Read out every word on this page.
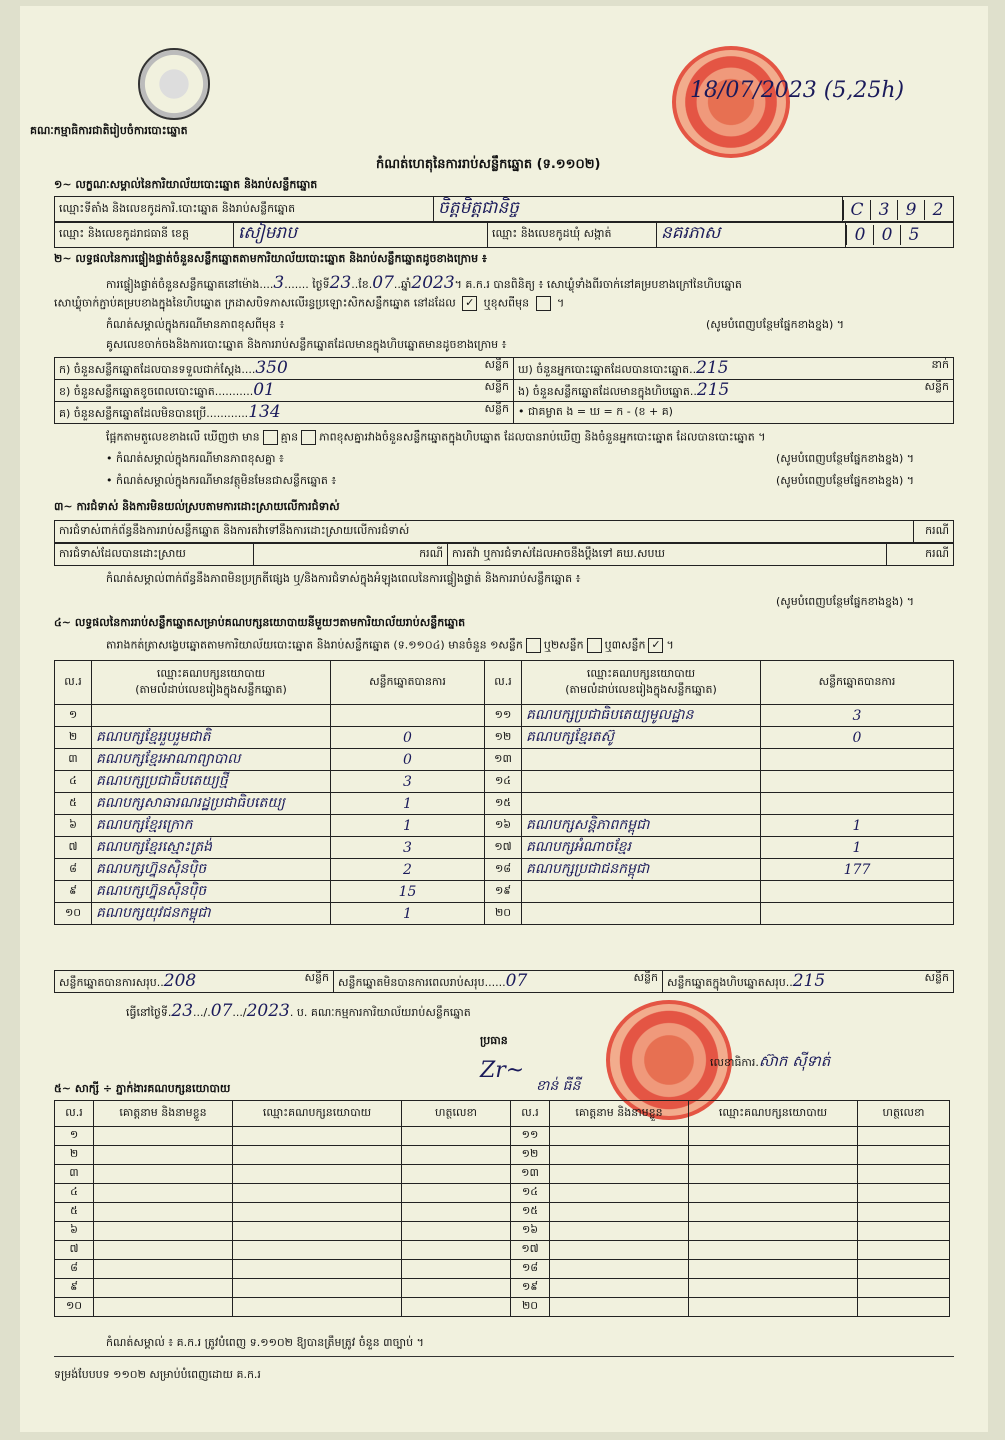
គណៈកម្មាធិការជាតិរៀបចំការបោះឆ្នោត
18/07/2023 (5,25h)
កំណត់ហេតុនៃការរាប់សន្លឹកឆ្នោត (ទ.១១០២)
១~ លក្ខណៈសម្គាល់នៃការិយាល័យបោះឆ្នោត និងរាប់សន្លឹកឆ្នោត
ឈ្មោះទីតាំង និងលេខកូដការិ.បោះឆ្នោត និងរាប់សន្លឹកឆ្នោត	ចិត្តមិត្តជានិច្ច	C 3 9 2
ឈ្មោះ និងលេខកូដរាជធានី ខេត្ត	សៀមរាប	ឈ្មោះ និងលេខកូដឃុំ សង្កាត់	នគរភាស	0 0 5
២~ លទ្ធផលនៃការផ្ទៀងផ្ទាត់ចំនួនសន្លឹកឆ្នោតតាមការិយាល័យបោះឆ្នោត និងរាប់សន្លឹកឆ្នោតដូចខាងក្រោម ៖
ការផ្ទៀងផ្ទាត់ចំនួនសន្លឹកឆ្នោតនៅម៉ោង....3....... ថ្ងៃទី23..ខែ.07..ឆ្នាំ2023។ គ.ក.រ បានពិនិត្យ ៖ សោឃ្លុំទាំងពីរចាក់នៅគម្របខាងក្រៅនៃហិបឆ្នោត
សោឃ្លុំចាក់ភ្ជាប់គម្របខាងក្នុងនៃហិបឆ្នោត ក្រដាសបិទភាសលើរន្ធប្រឡោះសិកសន្លឹកឆ្នោត នៅដដែល ✓ ឬខុសពីមុន  ។
កំណត់សម្គាល់ក្នុងករណីមានភាពខុសពីមុន ៖	(សូមបំពេញបន្ថែមផ្នែកខាងខ្នង) ។
គូសលេខចាក់ចងនិងការបោះឆ្នោត និងការរាប់សន្លឹកឆ្នោតដែលមានក្នុងហិបឆ្នោតមានដូចខាងក្រោម ៖
ក) ចំនួនសន្លឹកឆ្នោតដែលបានទទួលជាក់ស្តែង....350 សន្លឹក	ឃ) ចំនួនអ្នកបោះឆ្នោតដែលបានបោះឆ្នោត..215 នាក់

ខ) ចំនួនសន្លឹកឆ្នោតខូចពេលបោះឆ្នោត...........01 សន្លឹក	ង) ចំនួនសន្លឹកឆ្នោតដែលមានក្នុងហិបឆ្នោត..215 សន្លឹក

គ) ចំនួនសន្លឹកឆ្នោតដែលមិនបានប្រើ............134 សន្លឹក	• ជាគម្លាត ង = ឃ = ក - (ខ + គ)
ផ្អែកតាមតួលេខខាងលើ ឃើញថា មាន គ្មាន ភាពខុសគ្នារវាងចំនួនសន្លឹកឆ្នោតក្នុងហិបឆ្នោត ដែលបានរាប់ឃើញ និងចំនួនអ្នកបោះឆ្នោត ដែលបានបោះឆ្នោត ។
• កំណត់សម្គាល់ក្នុងករណីមានភាពខុសគ្នា ៖	(សូមបំពេញបន្ថែមផ្នែកខាងខ្នង) ។
• កំណត់សម្គាល់ក្នុងករណីមានវត្ថុមិនមែនជាសន្លឹកឆ្នោត ៖	(សូមបំពេញបន្ថែមផ្នែកខាងខ្នង) ។
៣~ ការជំទាស់ និងការមិនយល់ស្របតាមការដោះស្រាយលើការជំទាស់
ការជំទាស់ពាក់ព័ន្ធនឹងការរាប់សន្លឹកឆ្នោត និងការតវ៉ាទៅនឹងការដោះស្រាយលើការជំទាស់	ករណី
ការជំទាស់ដែលបានដោះស្រាយ	ករណី	ការតវ៉ា ឬការជំទាស់ដែលអាចនឹងប្តឹងទៅ គឃ.សបឃ	ករណី
កំណត់សម្គាល់ពាក់ព័ន្ធនឹងភាពមិនប្រក្រតីផ្សេង ឬ/និងការជំទាស់ក្នុងអំឡុងពេលនៃការផ្ទៀងផ្ទាត់ និងការរាប់សន្លឹកឆ្នោត ៖
(សូមបំពេញបន្ថែមផ្នែកខាងខ្នង) ។
៤~ លទ្ធផលនៃការរាប់សន្លឹកឆ្នោតសម្រាប់គណបក្សនយោបាយនីមួយៗតាមការិយាល័យរាប់សន្លឹកឆ្នោត
តារាងកត់ត្រាសង្ខេបឆ្នោតតាមការិយាល័យបោះឆ្នោត និងរាប់សន្លឹកឆ្នោត (ទ.១១០៤) មានចំនួន ១សន្លឹក ឬ២សន្លឹក ឬ៣សន្លឹក ✓ ។
ល.រ	ឈ្មោះគណបក្សនយោបាយ
(តាមលំដាប់លេខរៀងក្នុងសន្លឹកឆ្នោត)	សន្លឹកឆ្នោតបានការ	ល.រ	ឈ្មោះគណបក្សនយោបាយ
(តាមលំដាប់លេខរៀងក្នុងសន្លឹកឆ្នោត)	សន្លឹកឆ្នោតបានការ
១			១១	គណបក្សប្រជាធិបតេយ្យមូលដ្ឋាន	3
២	គណបក្សខ្មែររួបរួមជាតិ	0	១២	គណបក្សខ្មែរតស៊ូ	0
៣	គណបក្សខ្មែរអាណាព្យាបាល	0	១៣		
៤	គណបក្សប្រជាធិបតេយ្យថ្មី	3	១៤		
៥	គណបក្សសាធារណរដ្ឋប្រជាធិបតេយ្យ	1	១៥		
៦	គណបក្សខ្មែរក្រោក	1	១៦	គណបក្សសន្តិភាពកម្ពុជា	1
៧	គណបក្សខ្មែរស្មោះត្រង់	3	១៧	គណបក្សអំណាចខ្មែរ	1
៨	គណបក្សហ្វ៊ុនស៊ិនប៉ិច	2	១៨	គណបក្សប្រជាជនកម្ពុជា	177
៩	គណបក្សហ្វ៊ុនស៊ិនប៉ិច	15	១៩		
១០	គណបក្សយុវជនកម្ពុជា	1	២០		
សន្លឹកឆ្នោតបានការសរុប..208	សន្លឹក	សន្លឹកឆ្នោតមិនបានការពេលរាប់សរុប......07	សន្លឹក	សន្លឹកឆ្នោតក្នុងហិបឆ្នោតសរុប..215	សន្លឹក
ធ្វើនៅថ្ងៃទី.23.../.07.../2023. ប. គណៈកម្មការការិយាល័យរាប់សន្លឹកឆ្នោត
ប្រធាន
Zr~
ខាន់ ធីនី
លេខាធិការ.ស៊ាក ស៊ីទាត់
៥~ សាក្សី ÷ ភ្នាក់ងារគណបក្សនយោបាយ
ល.រ	គោត្តនាម និងនាមខ្លួន	ឈ្មោះគណបក្សនយោបាយ	ហត្ថលេខា	ល.រ	គោត្តនាម និងនាមខ្លួន	ឈ្មោះគណបក្សនយោបាយ	ហត្ថលេខា
១				១១			
២				១២			
៣				១៣			
៤				១៤			
៥				១៥			
៦				១៦			
៧				១៧			
៨				១៨			
៩				១៩			
១០				២០			
កំណត់សម្គាល់ ៖ គ.ក.រ ត្រូវបំពេញ ទ.១១០២ ឱ្យបានត្រឹមត្រូវ ចំនួន ៣ច្បាប់ ។
ទម្រង់បែបបទ ១១០២ សម្រាប់បំពេញដោយ គ.ក.រ
